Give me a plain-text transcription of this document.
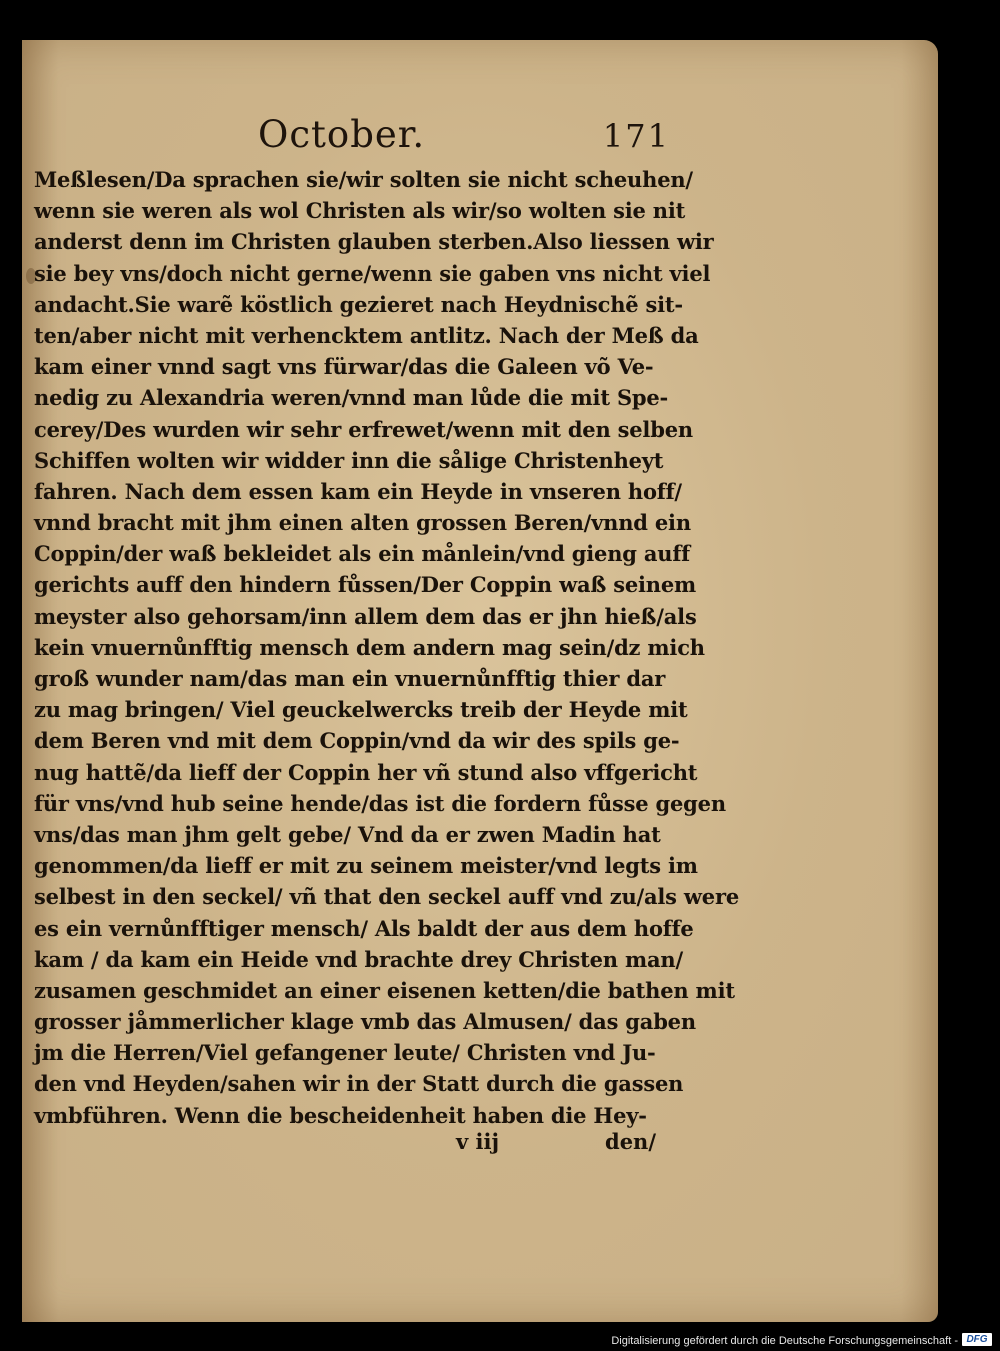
October.	171
Meßlesen/Da sprachen sie/wir solten sie nicht scheuhen/
wenn sie weren als wol Christen als wir/so wolten sie nit
anderst denn im Christen glauben sterben.Also liessen wir
sie bey vns/doch nicht gerne/wenn sie gaben vns nicht viel
andacht.Sie warẽ köstlich gezieret nach Heydnischẽ sit-
ten/aber nicht mit verhencktem antlitz. Nach der Meß da
kam einer vnnd sagt vns fürwar/das die Galeen võ Ve-
nedig zu Alexandria weren/vnnd man lůde die mit Spe-
cerey/Des wurden wir sehr erfrewet/wenn mit den selben
Schiffen wolten wir widder inn die sålige Christenheyt
fahren. Nach dem essen kam ein Heyde in vnseren hoff/
vnnd bracht mit jhm einen alten grossen Beren/vnnd ein
Coppin/der waß bekleidet als ein månlein/vnd gieng auff
gerichts auff den hindern fůssen/Der Coppin waß seinem
meyster also gehorsam/inn allem dem das er jhn hieß/als
kein vnuernůnfftig mensch dem andern mag sein/dz mich
groß wunder nam/das man ein vnuernůnfftig thier dar
zu mag bringen/ Viel geuckelwercks treib der Heyde mit
dem Beren vnd mit dem Coppin/vnd da wir des spils ge-
nug hattẽ/da lieff der Coppin her vñ stund also vffgericht
für vns/vnd hub seine hende/das ist die fordern fůsse gegen
vns/das man jhm gelt gebe/ Vnd da er zwen Madin hat
genommen/da lieff er mit zu seinem meister/vnd legts im
selbest in den seckel/ vñ that den seckel auff vnd zu/als were
es ein vernůnfftiger mensch/ Als baldt der aus dem hoffe
kam / da kam ein Heide vnd brachte drey Christen man/
zusamen geschmidet an einer eisenen ketten/die bathen mit
grosser jåmmerlicher klage vmb das Almusen/ das gaben
jm die Herren/Viel gefangener leute/ Christen vnd Ju-
den vnd Heyden/sahen wir in der Statt durch die gassen
vmbführen. Wenn die bescheidenheit haben die Hey-
v iij	den/
Digitalisierung gefördert durch die Deutsche Forschungsgemeinschaft - DFG
